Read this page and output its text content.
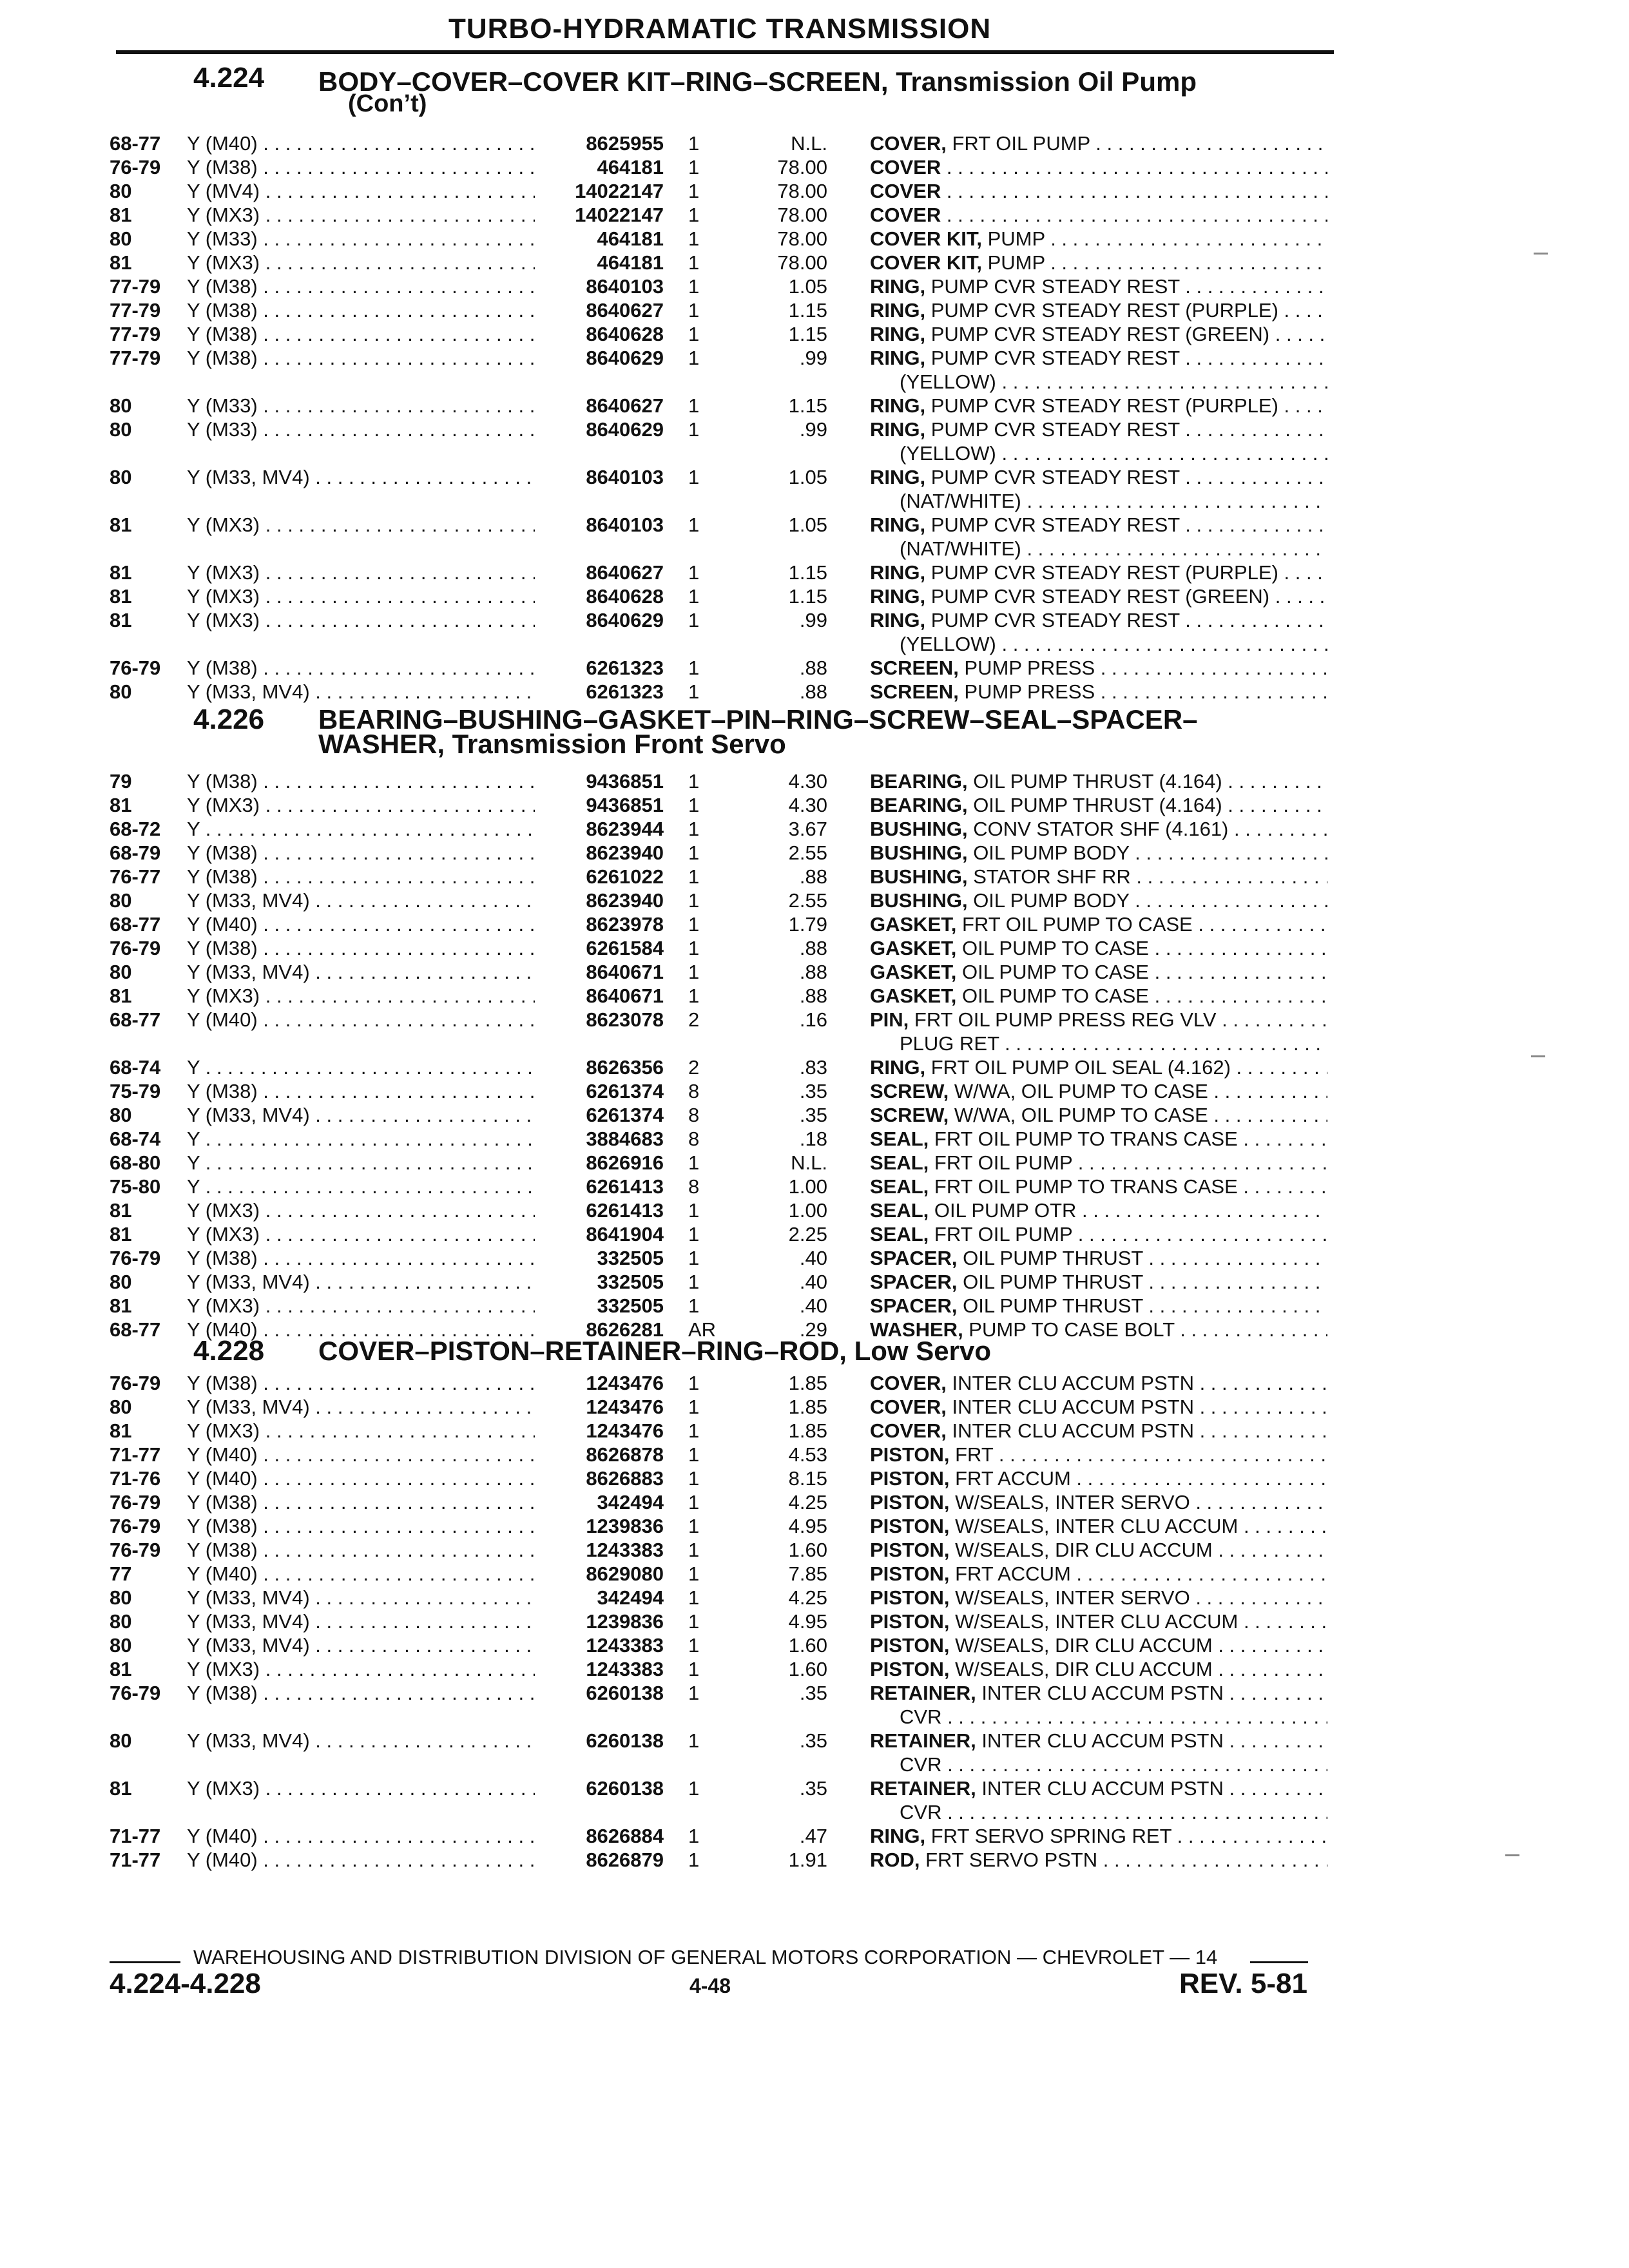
TURBO-HYDRAMATIC TRANSMISSION
4.224 BODY–COVER–COVER KIT–RING–SCREEN, Transmission Oil Pump
(Con’t)
4.226 BEARING–BUSHING–GASKET–PIN–RING–SCREW–SEAL–SPACER–
WASHER, Transmission Front Servo
4.228 COVER–PISTON–RETAINER–RING–ROD, Low Servo
68-77 Y (M40) . . .	8625955 1	N.L. COVER, FRT OIL PUMP . . .
76-79 Y (M38) . . .	464181 1	78.00 COVER . . .
80	Y (MV4) . . .	14022147 1	78.00 COVER . . .
81	Y (MX3) . . .	14022147 1	78.00 COVER . . .
80	Y (M33) . . .	464181 1	78.00 COVER KIT, PUMP . . .
81	Y (MX3) . . .	464181 1	78.00 COVER KIT, PUMP . . .
77-79 Y (M38) . . .	8640103 1	1.05 RING, PUMP CVR STEADY REST . . .
77-79 Y (M38) . . .	8640627 1	1.15 RING, PUMP CVR STEADY REST (PURPLE) . . .
77-79 Y (M38) . . .	8640628 1	1.15 RING, PUMP CVR STEADY REST (GREEN) . . .
77-79 Y (M38) . . .	8640629 1	.99 RING, PUMP CVR STEADY REST . . .
(YELLOW) . . .
80	Y (M33) . . .	8640627 1	1.15 RING, PUMP CVR STEADY REST (PURPLE) . . .
80	Y (M33) . . .	8640629 1	.99 RING, PUMP CVR STEADY REST . . .
(YELLOW) . . .
80	Y (M33, MV4) . . .	8640103 1	1.05 RING, PUMP CVR STEADY REST . . .
(NAT/WHITE) . . .
81	Y (MX3) . . .	8640103 1	1.05 RING, PUMP CVR STEADY REST . . .
(NAT/WHITE) . . .
81	Y (MX3) . . .	8640627 1	1.15 RING, PUMP CVR STEADY REST (PURPLE) . . .
81	Y (MX3) . . .	8640628 1	1.15 RING, PUMP CVR STEADY REST (GREEN) . . .
81	Y (MX3) . . .	8640629 1	.99 RING, PUMP CVR STEADY REST . . .
(YELLOW) . . .
76-79 Y (M38) . . .	6261323 1	.88 SCREEN, PUMP PRESS . . .
80	Y (M33, MV4) . . .	6261323 1	.88 SCREEN, PUMP PRESS . . .
79	Y (M38) . . .	9436851 1	4.30 BEARING, OIL PUMP THRUST (4.164) . . .
81	Y (MX3) . . .	9436851 1	4.30 BEARING, OIL PUMP THRUST (4.164) . . .
68-72 Y . . .	8623944 1	3.67 BUSHING, CONV STATOR SHF (4.161) . . .
68-79 Y (M38) . . .	8623940 1	2.55 BUSHING, OIL PUMP BODY . . .
76-77 Y (M38) . . .	6261022 1	.88 BUSHING, STATOR SHF RR . . .
80	Y (M33, MV4) . . .	8623940 1	2.55 BUSHING, OIL PUMP BODY . . .
68-77 Y (M40) . . .	8623978 1	1.79 GASKET, FRT OIL PUMP TO CASE . . .
76-79 Y (M38) . . .	6261584 1	.88 GASKET, OIL PUMP TO CASE . . .
80	Y (M33, MV4) . . .	8640671 1	.88 GASKET, OIL PUMP TO CASE . . .
81	Y (MX3) . . .	8640671 1	.88 GASKET, OIL PUMP TO CASE . . .
68-77 Y (M40) . . .	8623078 2	.16 PIN, FRT OIL PUMP PRESS REG VLV . . .
PLUG RET . . .
68-74 Y . . .	8626356 2	.83 RING, FRT OIL PUMP OIL SEAL (4.162) . . .
75-79 Y (M38) . . .	6261374 8	.35 SCREW, W/WA, OIL PUMP TO CASE . . .
80	Y (M33, MV4) . . .	6261374 8	.35 SCREW, W/WA, OIL PUMP TO CASE . . .
68-74 Y . . .	3884683 8	.18 SEAL, FRT OIL PUMP TO TRANS CASE . . .
68-80 Y . . .	8626916 1	N.L. SEAL, FRT OIL PUMP . . .
75-80 Y . . .	6261413 8	1.00 SEAL, FRT OIL PUMP TO TRANS CASE . . .
81	Y (MX3) . . .	6261413 1	1.00 SEAL, OIL PUMP OTR . . .
81	Y (MX3) . . .	8641904 1	2.25 SEAL, FRT OIL PUMP . . .
76-79 Y (M38) . . .	332505 1	.40 SPACER, OIL PUMP THRUST . . .
80	Y (M33, MV4) . . .	332505 1	.40 SPACER, OIL PUMP THRUST . . .
81	Y (MX3) . . .	332505 1	.40 SPACER, OIL PUMP THRUST . . .
68-77 Y (M40) . . .	8626281 AR	.29 WASHER, PUMP TO CASE BOLT . . .
76-79 Y (M38) . . .	1243476 1	1.85 COVER, INTER CLU ACCUM PSTN . . .
80	Y (M33, MV4) . . .	1243476 1	1.85 COVER, INTER CLU ACCUM PSTN . . .
81	Y (MX3) . . .	1243476 1	1.85 COVER, INTER CLU ACCUM PSTN . . .
71-77 Y (M40) . . .	8626878 1	4.53 PISTON, FRT . . .
71-76 Y (M40) . . .	8626883 1	8.15 PISTON, FRT ACCUM . . .
76-79 Y (M38) . . .	342494 1	4.25 PISTON, W/SEALS, INTER SERVO . . .
76-79 Y (M38) . . .	1239836 1	4.95 PISTON, W/SEALS, INTER CLU ACCUM . . .
76-79 Y (M38) . . .	1243383 1	1.60 PISTON, W/SEALS, DIR CLU ACCUM . . .
77	Y (M40) . . .	8629080 1	7.85 PISTON, FRT ACCUM . . .
80	Y (M33, MV4) . . .	342494 1	4.25 PISTON, W/SEALS, INTER SERVO . . .
80	Y (M33, MV4) . . .	1239836 1	4.95 PISTON, W/SEALS, INTER CLU ACCUM . . .
80	Y (M33, MV4) . . .	1243383 1	1.60 PISTON, W/SEALS, DIR CLU ACCUM . . .
81	Y (MX3) . . .	1243383 1	1.60 PISTON, W/SEALS, DIR CLU ACCUM . . .
76-79 Y (M38) . . .	6260138 1	.35 RETAINER, INTER CLU ACCUM PSTN . . .
CVR . . .
80	Y (M33, MV4) . . .	6260138 1	.35 RETAINER, INTER CLU ACCUM PSTN . . .
CVR . . .
81	Y (MX3) . . .	6260138 1	.35 RETAINER, INTER CLU ACCUM PSTN . . .
CVR . . .
71-77 Y (M40) . . .	8626884 1	.47 RING, FRT SERVO SPRING RET . . .
71-77 Y (M40) . . .	8626879 1	1.91 ROD, FRT SERVO PSTN . . .
WAREHOUSING AND DISTRIBUTION DIVISION OF GENERAL MOTORS CORPORATION — CHEVROLET — 14
4.224-4.228	4-48	REV. 5-81
